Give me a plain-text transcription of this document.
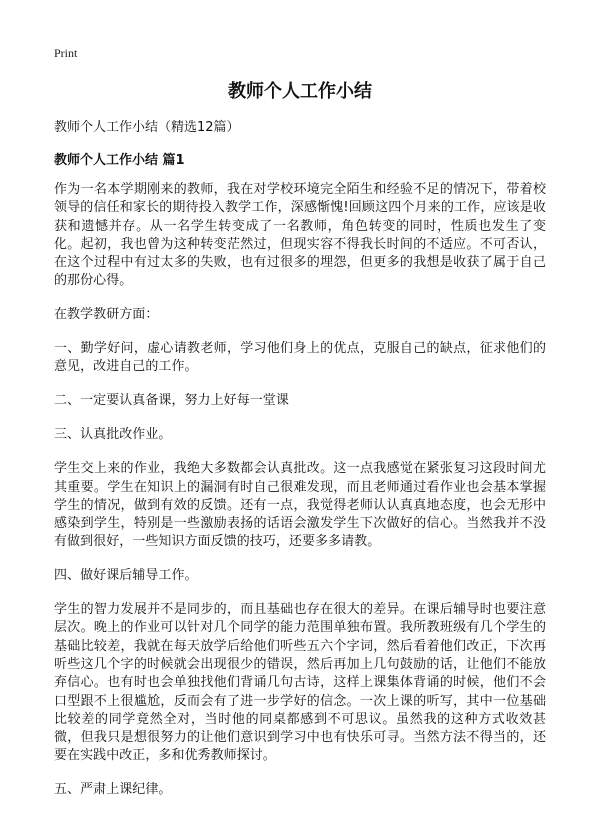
Print
教师个人工作小结

教师个人工作小结（精选12篇）

教师个人工作小结 篇1

作为一名本学期刚来的教师，我在对学校环境完全陌生和经验不足的情况下，带着校领导的信任和家长的期待投入教学工作，深感惭愧!回顾这四个月来的工作，应该是收获和遗憾并存。从一名学生转变成了一名教师，角色转变的同时，性质也发生了变化。起初，我也曾为这种转变茫然过，但现实容不得我长时间的不适应。不可否认，在这个过程中有过太多的失败，也有过很多的埋怨，但更多的我想是收获了属于自己的那份心得。

在教学教研方面：

一、勤学好问，虚心请教老师，学习他们身上的优点，克服自己的缺点，征求他们的意见，改进自己的工作。

二、一定要认真备课，努力上好每一堂课

三、认真批改作业。

学生交上来的作业，我绝大多数都会认真批改。这一点我感觉在紧张复习这段时间尤其重要。学生在知识上的漏洞有时自己很难发现，而且老师通过看作业也会基本掌握学生的情况，做到有效的反馈。还有一点，我觉得老师认认真真地态度，也会无形中感染到学生，特别是一些激励表扬的话语会激发学生下次做好的信心。当然我并不没有做到很好，一些知识方面反馈的技巧，还要多多请教。

四、做好课后辅导工作。

学生的智力发展并不是同步的，而且基础也存在很大的差异。在课后辅导时也要注意层次。晚上的作业可以针对几个同学的能力范围单独布置。我所教班级有几个学生的基础比较差，我就在每天放学后给他们听些五六个字词，然后看着他们改正，下次再听些这几个字的时候就会出现很少的错误，然后再加上几句鼓励的话，让他们不能放弃信心。也有时也会单独找他们背诵几句古诗，这样上课集体背诵的时候，他们不会口型跟不上很尴尬，反而会有了进一步学好的信念。一次上课的听写，其中一位基础比较差的同学竟然全对，当时他的同桌都感到不可思议。虽然我的这种方式收效甚微，但我只是想很努力的让他们意识到学习中也有快乐可寻。当然方法不得当的，还要在实践中改正，多和优秀教师探讨。

五、严肃上课纪律。
